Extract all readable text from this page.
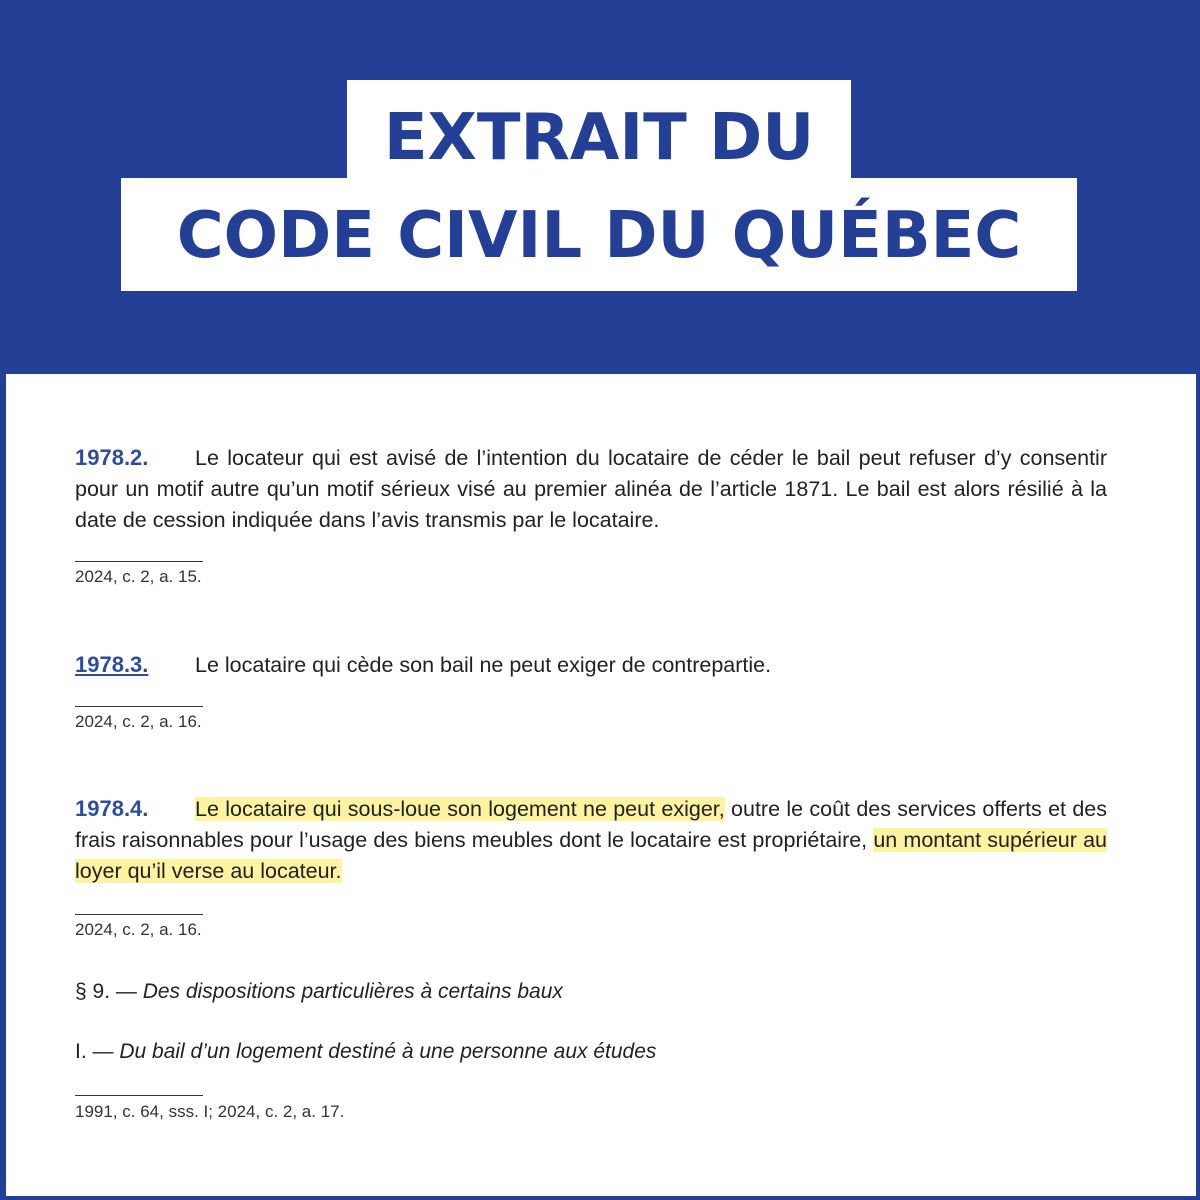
EXTRAIT DU
CODE CIVIL DU QUÉBEC

1978.2. Le locateur qui est avisé de l’intention du locataire de céder le bail peut refuser d’y consentir pour un motif autre qu’un motif sérieux visé au premier alinéa de l’article 1871. Le bail est alors résilié à la date de cession indiquée dans l’avis transmis par le locataire.

2024, c. 2, a. 15.

1978.3. Le locataire qui cède son bail ne peut exiger de contrepartie.

2024, c. 2, a. 16.

1978.4. Le locataire qui sous-loue son logement ne peut exiger, outre le coût des services offerts et des frais raisonnables pour l’usage des biens meubles dont le locataire est propriétaire, un montant supérieur au loyer qu’il verse au locateur.

2024, c. 2, a. 16.
§ 9. — Des dispositions particulières à certains baux
I. — Du bail d’un logement destiné à une personne aux études
1991, c. 64, sss. I; 2024, c. 2, a. 17.
